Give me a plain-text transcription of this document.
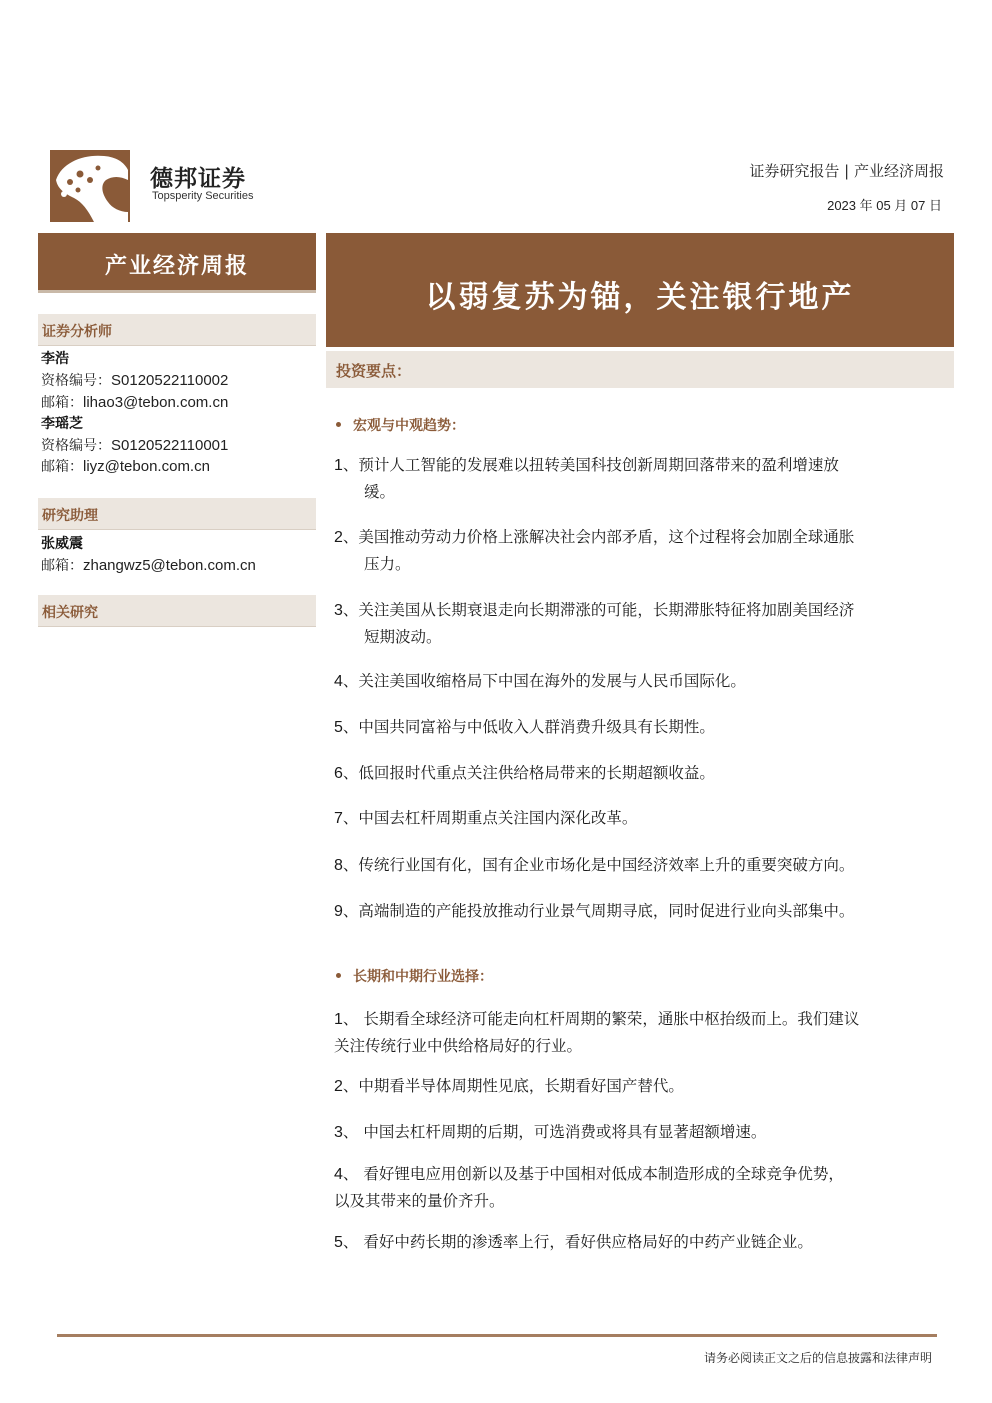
德邦证券
Topsperity Securities
证券研究报告 | 产业经济周报
2023 年 05 月 07 日
产业经济周报
证券分析师
李浩
资格编号：S0120522110002
邮箱：lihao3@tebon.com.cn
李瑶芝
资格编号：S0120522110001
邮箱：liyz@tebon.com.cn
研究助理
张威震
邮箱：zhangwz5@tebon.com.cn
相关研究
以弱复苏为锚，关注银行地产
投资要点：
宏观与中观趋势：
1、预计人工智能的发展难以扭转美国科技创新周期回落带来的盈利增速放
缓。
2、美国推动劳动力价格上涨解决社会内部矛盾，这个过程将会加剧全球通胀
压力。
3、关注美国从长期衰退走向长期滞涨的可能，长期滞胀特征将加剧美国经济
短期波动。
4、关注美国收缩格局下中国在海外的发展与人民币国际化。
5、中国共同富裕与中低收入人群消费升级具有长期性。
6、低回报时代重点关注供给格局带来的长期超额收益。
7、中国去杠杆周期重点关注国内深化改革。
8、传统行业国有化，国有企业市场化是中国经济效率上升的重要突破方向。
9、高端制造的产能投放推动行业景气周期寻底，同时促进行业向头部集中。
长期和中期行业选择：
1、 长期看全球经济可能走向杠杆周期的繁荣，通胀中枢抬级而上。我们建议
关注传统行业中供给格局好的行业。
2、中期看半导体周期性见底，长期看好国产替代。
3、 中国去杠杆周期的后期，可选消费或将具有显著超额增速。
4、 看好锂电应用创新以及基于中国相对低成本制造形成的全球竞争优势，
以及其带来的量价齐升。
5、 看好中药长期的渗透率上行，看好供应格局好的中药产业链企业。
请务必阅读正文之后的信息披露和法律声明
